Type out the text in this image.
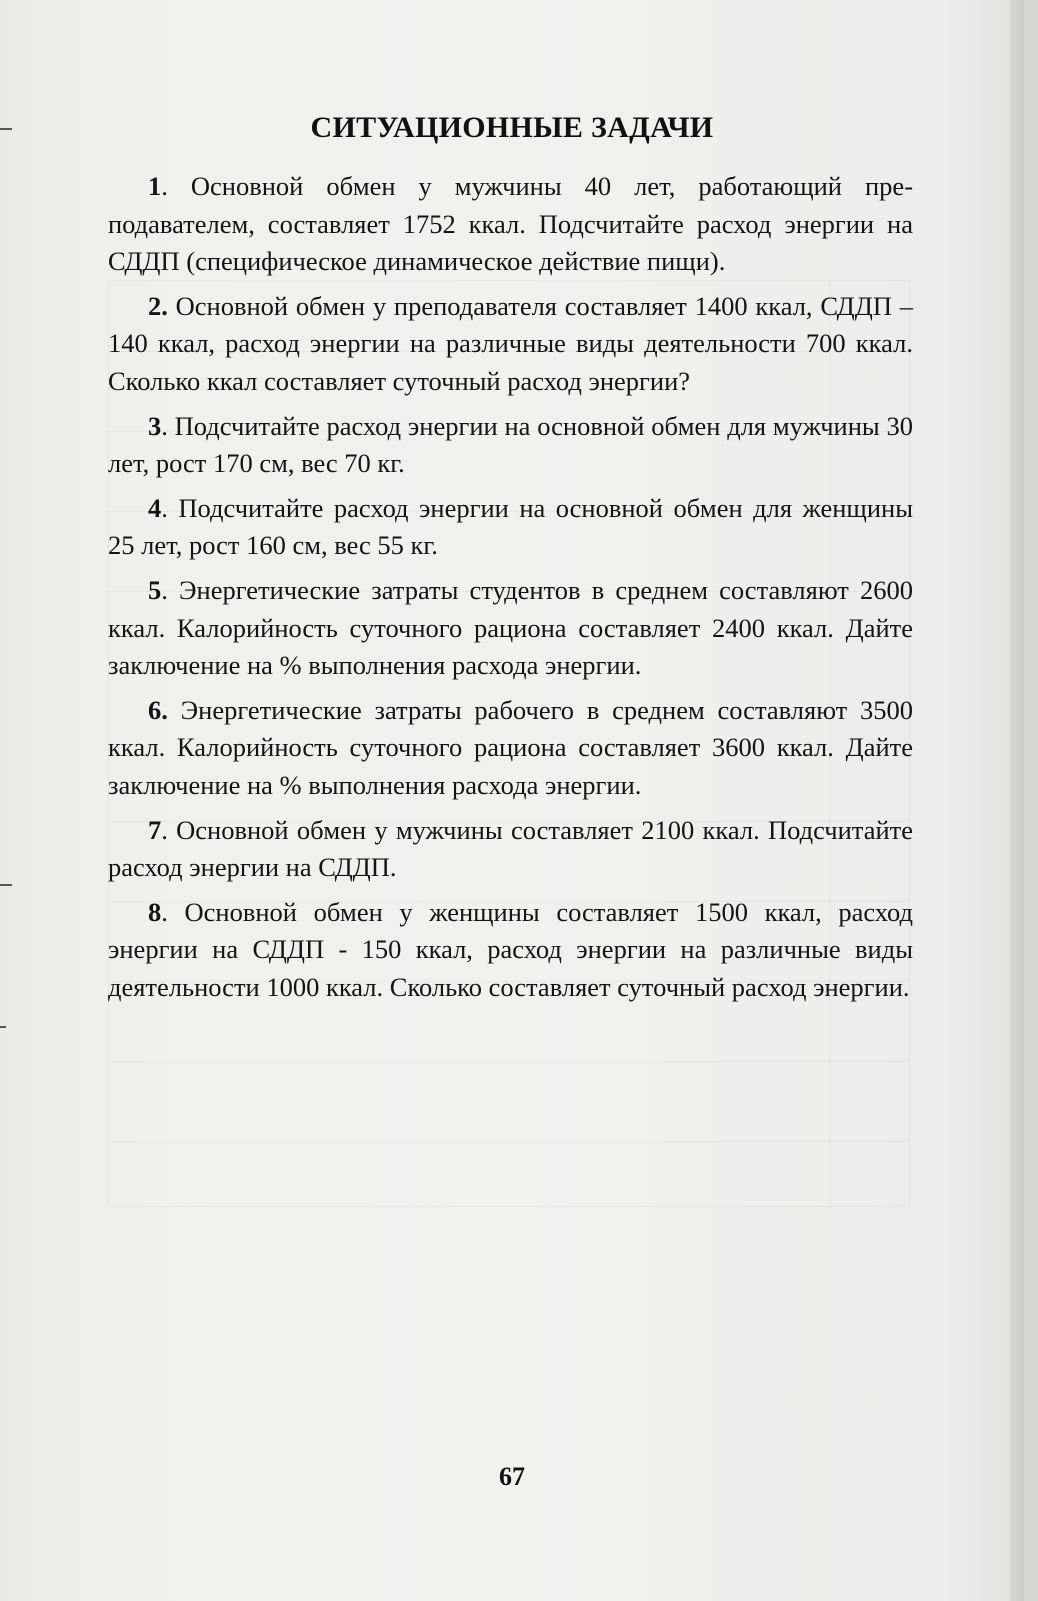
СИТУАЦИОННЫЕ ЗАДАЧИ

1. Основной обмен у мужчины 40 лет, работающий преподавателем, составляет 1752 ккал. Подсчитайте расход энергии на СДДП (специфическое динамическое действие пищи).

2. Основной обмен у преподавателя составляет 1400 ккал, СДДП – 140 ккал, расход энергии на различные виды деятельности 700 ккал. Сколько ккал составляет суточный расход энергии?

3. Подсчитайте расход энергии на основной обмен для мужчины 30 лет, рост 170 см, вес 70 кг.

4. Подсчитайте расход энергии на основной обмен для женщины 25 лет, рост 160 см, вес 55 кг.

5. Энергетические затраты студентов в среднем составляют 2600 ккал. Калорийность суточного рациона составляет 2400 ккал. Дайте заключение на % выполнения расхода энергии.

6. Энергетические затраты рабочего в среднем составляют 3500 ккал. Калорийность суточного рациона составляет 3600 ккал. Дайте заключение на % выполнения расхода энергии.

7. Основной обмен у мужчины составляет 2100 ккал. Подсчитайте расход энергии на СДДП.

8. Основной обмен у женщины составляет 1500 ккал, расход энергии на СДДП - 150 ккал, расход энергии на различные виды деятельности 1000 ккал. Сколько составляет суточный расход энергии.

67
